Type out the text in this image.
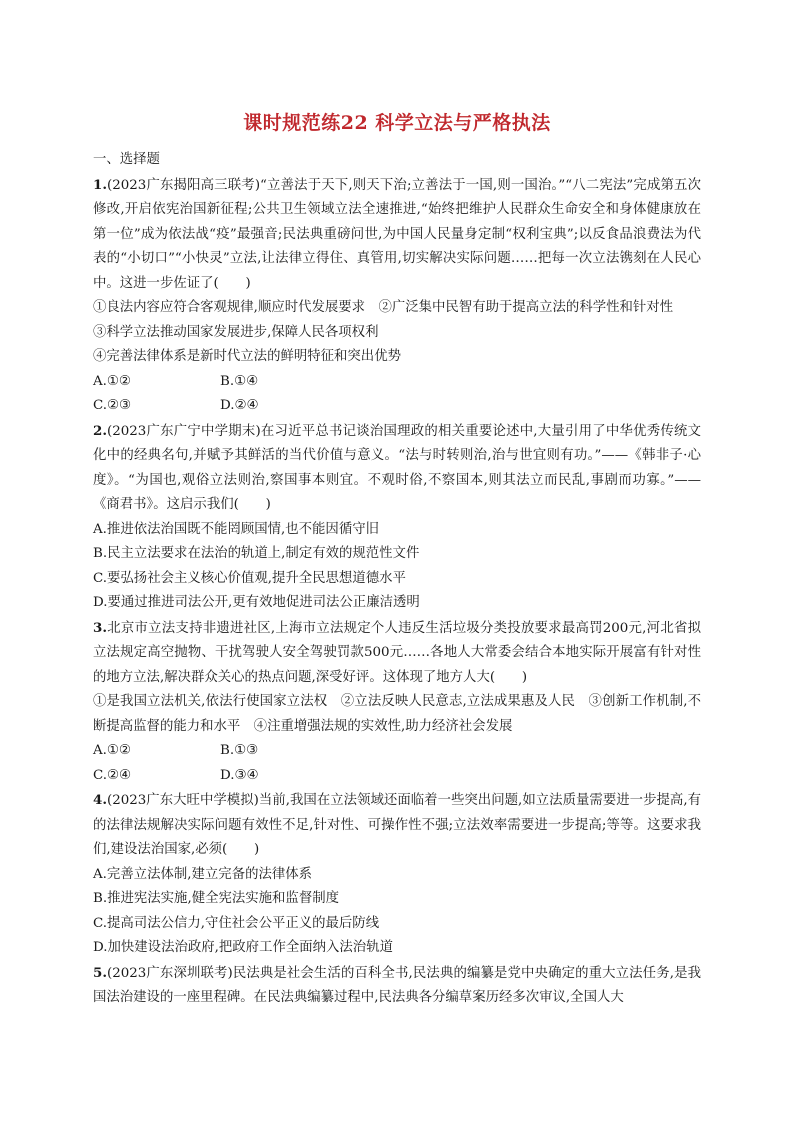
课时规范练22 科学立法与严格执法

一、选择题

1.(2023广东揭阳高三联考)“立善法于天下,则天下治;立善法于一国,则一国治。”“八二宪法”完成第五次修改,开启依宪治国新征程;公共卫生领域立法全速推进,“始终把维护人民群众生命安全和身体健康放在第一位”成为依法战“疫”最强音;民法典重磅问世,为中国人民量身定制“权利宝典”;以反食品浪费法为代表的“小切口”“小快灵”立法,让法律立得住、真管用,切实解决实际问题……把每一次立法镌刻在人民心中。这进一步佐证了(　　)

①良法内容应符合客观规律,顺应时代发展要求　②广泛集中民智有助于提高立法的科学性和针对性

③科学立法推动国家发展进步,保障人民各项权利

④完善法律体系是新时代立法的鲜明特征和突出优势

A.①②	B.①④
C.②③	D.②④

2.(2023广东广宁中学期末)在习近平总书记谈治国理政的相关重要论述中,大量引用了中华优秀传统文化中的经典名句,并赋予其鲜活的当代价值与意义。“法与时转则治,治与世宜则有功。”——《韩非子·心度》。“为国也,观俗立法则治,察国事本则宜。不观时俗,不察国本,则其法立而民乱,事剧而功寡。”——《商君书》。这启示我们(　　)

A.推进依法治国既不能罔顾国情,也不能因循守旧

B.民主立法要求在法治的轨道上,制定有效的规范性文件

C.要弘扬社会主义核心价值观,提升全民思想道德水平

D.要通过推进司法公开,更有效地促进司法公正廉洁透明

3.北京市立法支持非遗进社区,上海市立法规定个人违反生活垃圾分类投放要求最高罚200元,河北省拟立法规定高空抛物、干扰驾驶人安全驾驶罚款500元……各地人大常委会结合本地实际开展富有针对性的地方立法,解决群众关心的热点问题,深受好评。这体现了地方人大(　　)

①是我国立法机关,依法行使国家立法权　②立法反映人民意志,立法成果惠及人民　③创新工作机制,不断提高监督的能力和水平　④注重增强法规的实效性,助力经济社会发展

A.①②	B.①③
C.②④	D.③④

4.(2023广东大旺中学模拟)当前,我国在立法领域还面临着一些突出问题,如立法质量需要进一步提高,有的法律法规解决实际问题有效性不足,针对性、可操作性不强;立法效率需要进一步提高;等等。这要求我们,建设法治国家,必须(　　)

A.完善立法体制,建立完备的法律体系

B.推进宪法实施,健全宪法实施和监督制度

C.提高司法公信力,守住社会公平正义的最后防线

D.加快建设法治政府,把政府工作全面纳入法治轨道

5.(2023广东深圳联考)民法典是社会生活的百科全书,民法典的编纂是党中央确定的重大立法任务,是我国法治建设的一座里程碑。在民法典编纂过程中,民法典各分编草案历经多次审议,全国人大
